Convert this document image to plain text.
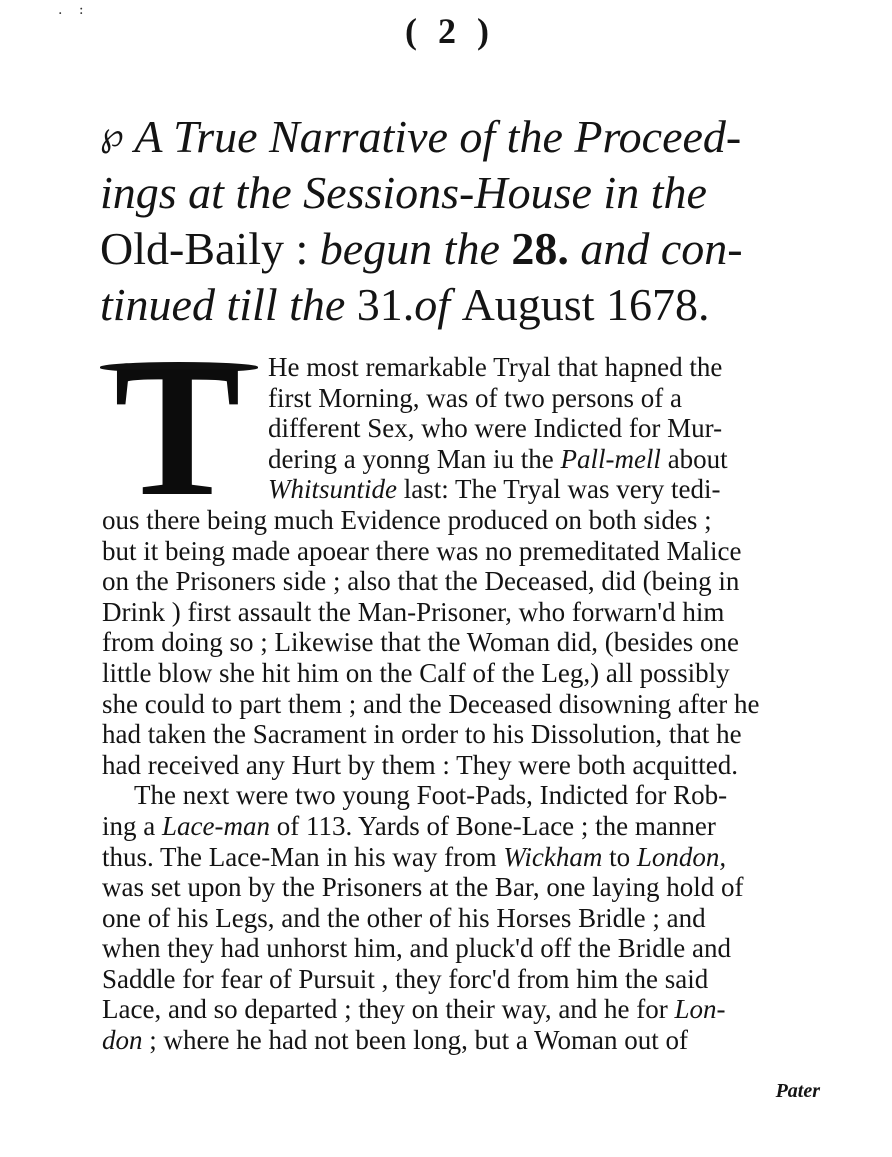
. :
( 2 )
℘ A True Narrative of the Proceed-
ings at the Sessions-House in the
Old-Baily : begun the 28. and con-
tinued till the 31.of August 1678.
T	He most remarkable Tryal that hapned the
first Morning, was of two persons of a
different Sex, who were Indicted for Mur-
dering a yonng Man iu the Pall-mell about
Whitsuntide last: The Tryal was very tedi-
ous there being much Evidence produced on both sides ;
but it being made apoear there was no premeditated Malice
on the Prisoners side ; also that the Deceased, did (being in
Drink ) first assault the Man-Prisoner, who forwarn'd him
from doing so ; Likewise that the Woman did, (besides one
little blow she hit him on the Calf of the Leg,) all possibly
she could to part them ; and the Deceased disowning after he
had taken the Sacrament in order to his Dissolution, that he
had received any Hurt by them : They were both acquitted.
The next were two young Foot-Pads, Indicted for Rob-
ing a Lace-man of 113. Yards of Bone-Lace ; the manner
thus. The Lace-Man in his way from Wickham to London,
was set upon by the Prisoners at the Bar, one laying hold of
one of his Legs, and the other of his Horses Bridle ; and
when they had unhorst him, and pluck'd off the Bridle and
Saddle for fear of Pursuit , they forc'd from him the said
Lace, and so departed ; they on their way, and he for Lon-
don ; where he had not been long, but a Woman out of
Pater
